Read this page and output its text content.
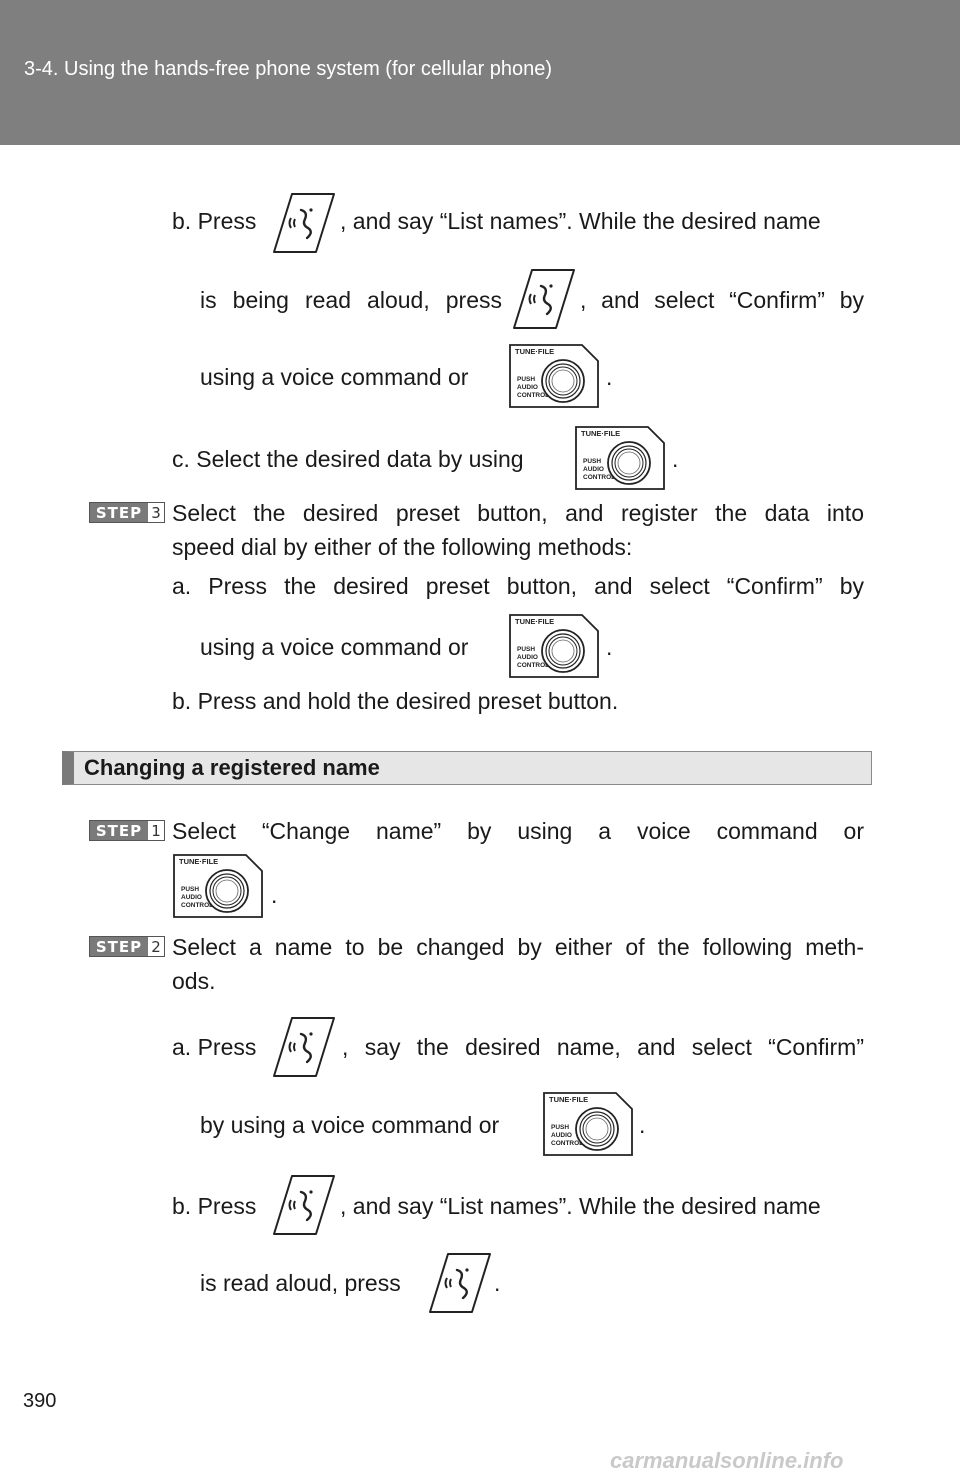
3-4. Using the hands-free phone system (for cellular phone)
b. Press	, and say “List names”. While the desired name
is being read aloud, press	, and select “Confirm” by
using a voice command or	.
c. Select the desired data by using	.
STEP 3 Select the desired preset button, and register the data into
speed dial by either of the following methods:
a. Press the desired preset button, and select “Confirm” by
using a voice command or	.
b. Press and hold the desired preset button.
Changing a registered name
STEP 1 Select “Change name” by using a voice command or
.
STEP 2 Select a name to be changed by either of the following meth-
ods.
a. Press	, say the desired name, and select “Confirm”
by using a voice command or	.
b. Press	, and say “List names”. While the desired name
is read aloud, press	.
390
carmanualsonline.info
